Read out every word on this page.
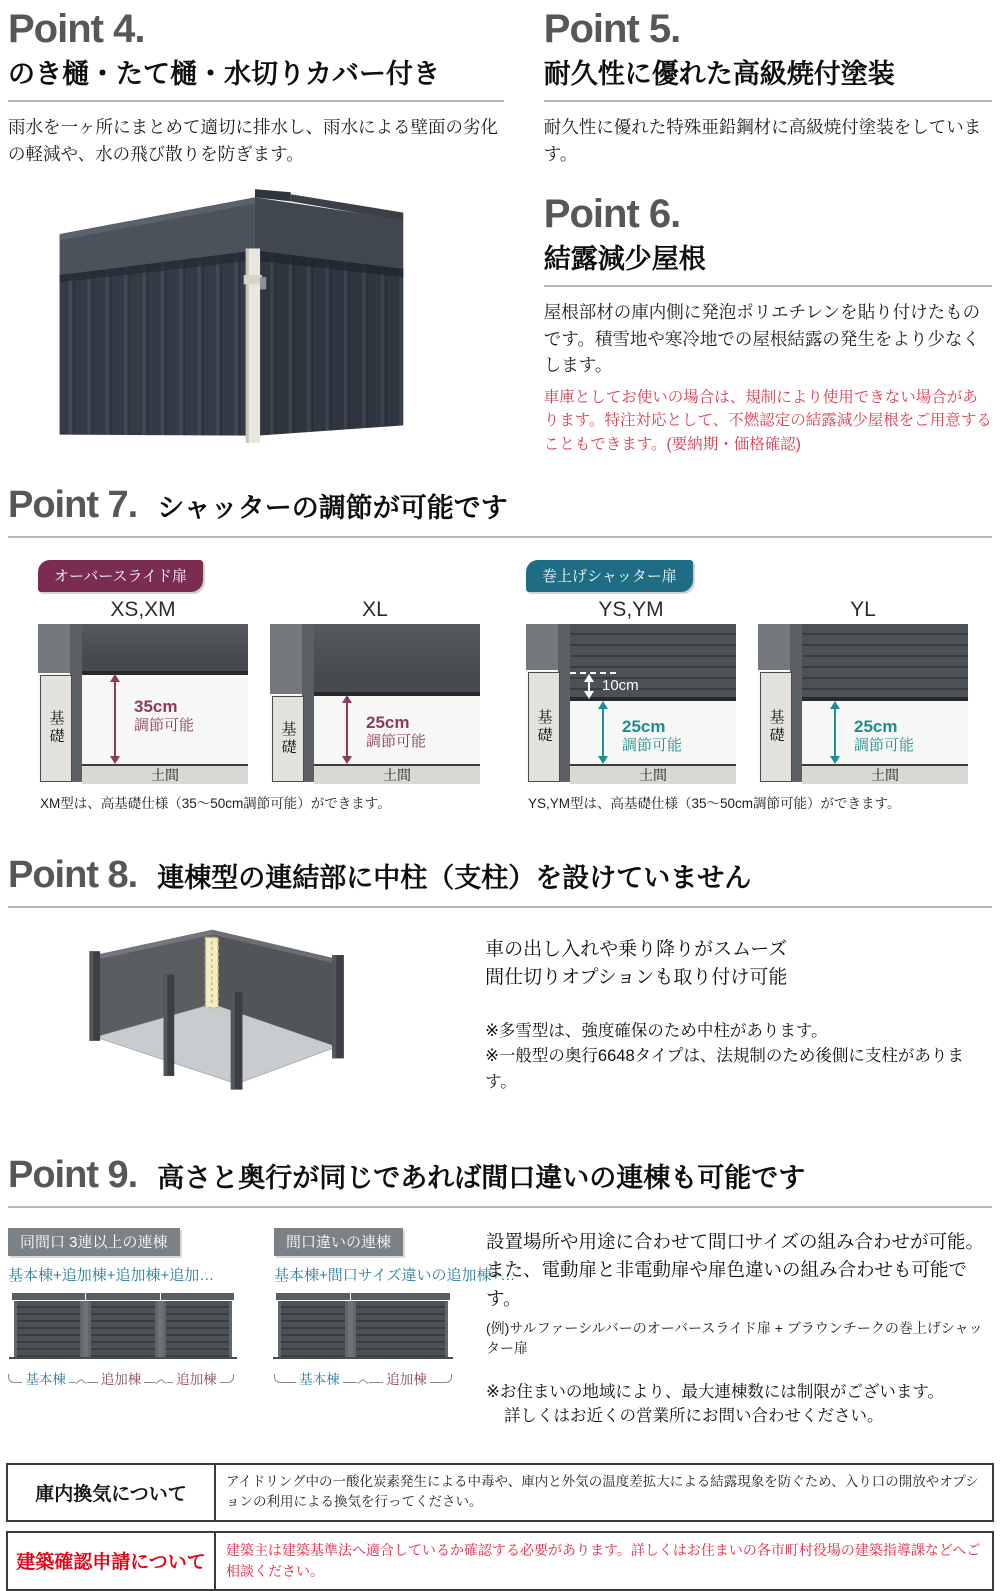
Point 4.
のき樋・たて樋・水切りカバー付き

雨水を一ヶ所にまとめて適切に排水し、雨水による壁面の劣化の軽減や、水の飛び散りを防ぎます。

Point 5.
耐久性に優れた高級焼付塗装

耐久性に優れた特殊亜鉛鋼材に高級焼付塗装をしています。

Point 6.
結露減少屋根

屋根部材の庫内側に発泡ポリエチレンを貼り付けたものです。積雪地や寒冷地での屋根結露の発生をより少なくします。

車庫としてお使いの場合は、規制により使用できない場合があります。特注対応として、不燃認定の結露減少屋根をご用意することもできます。(要納期・価格確認)

Point 7. シャッターの調節が可能です
オーバースライド扉
XS,XM
基礎
土間
35cm
調節可能
XL
基礎
土間
25cm
調節可能

XM型は、高基礎仕様（35～50cm調節可能）ができます。

巻上げシャッター扉
YS,YM
基礎
土間
10cm
25cm
調節可能
YL
基礎
土間
25cm
調節可能

YS,YM型は、高基礎仕様（35～50cm調節可能）ができます。

Point 8. 連棟型の連結部に中柱（支柱）を設けていません

車の出し入れや乗り降りがスムーズ

間仕切りオプションも取り付け可能

※多雪型は、強度確保のため中柱があります。

※一般型の奥行6648タイプは、法規制のため後側に支柱があります。

Point 9. 高さと奥行が同じであれば間口違いの連棟も可能です
同間口 3連以上の連棟
基本棟+追加棟+追加棟+追加…
基本棟	追加棟	追加棟
間口違いの連棟
基本棟+間口サイズ違いの追加棟+…
基本棟	追加棟

設置場所や用途に合わせて間口サイズの組み合わせが可能。

また、電動扉と非電動扉や扉色違いの組み合わせも可能です。

(例)サルファーシルバーのオーバースライド扉 + ブラウンチークの巻上げシャッター扉

※お住まいの地域により、最大連棟数には制限がございます。

詳しくはお近くの営業所にお問い合わせください。

庫内換気について
アイドリング中の一酸化炭素発生による中毒や、庫内と外気の温度差拡大による結露現象を防ぐため、入り口の開放やオプションの利用による換気を行ってください。
建築確認申請について
建築主は建築基準法へ適合しているか確認する必要があります。詳しくはお住まいの各市町村役場の建築指導課などへご相談ください。
